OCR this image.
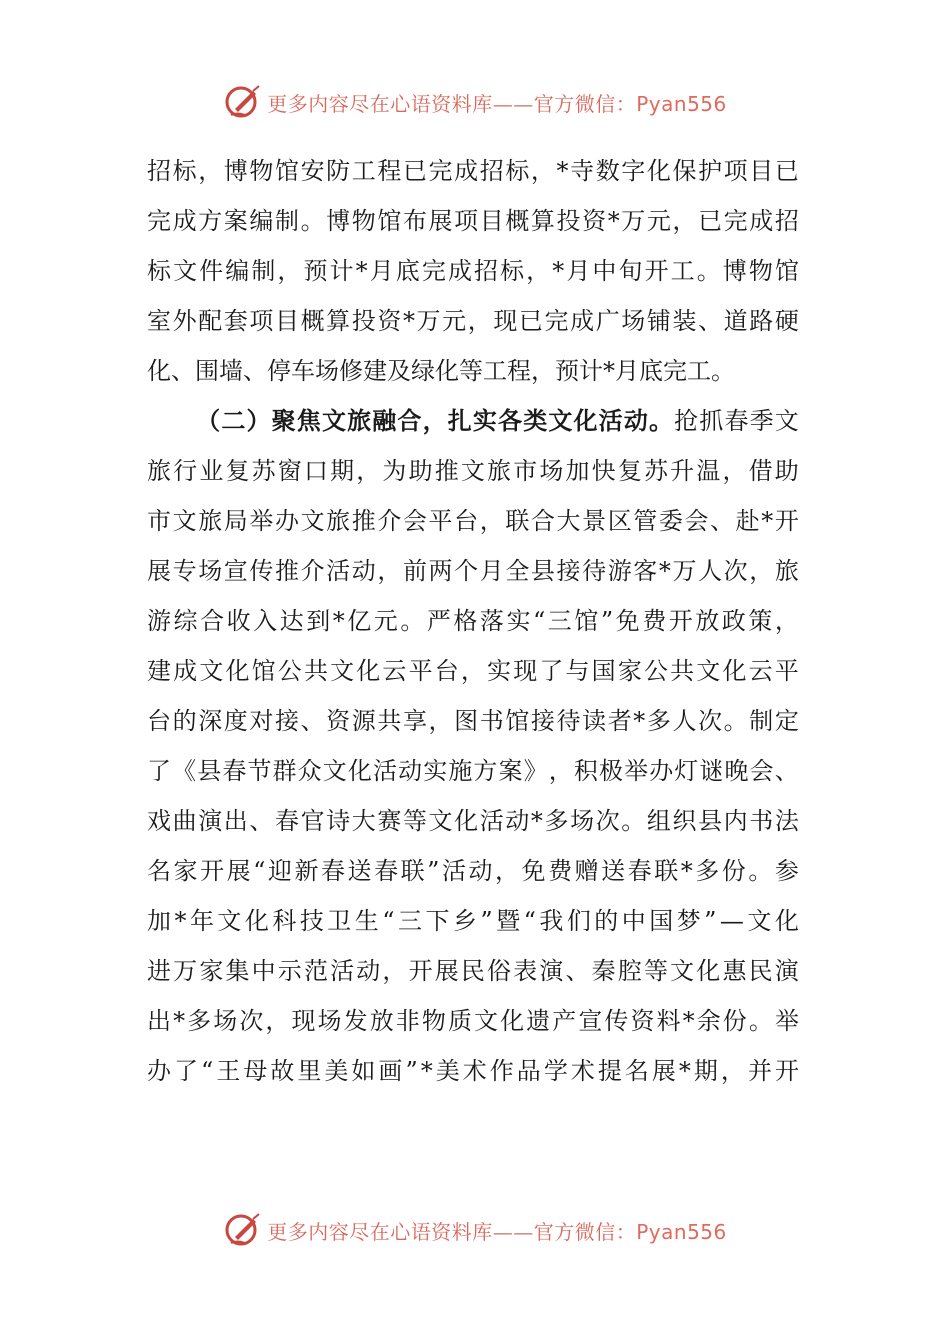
更多内容尽在心语资料库——官方微信：Pyan556
招 标 ， 博 物 馆 安 防 工 程 已 完 成 招 标 ， * 寺 数 字 化 保 护 项 目 已
完 成 方 案 编 制 。 博 物 馆 布 展 项 目 概 算 投 资 * 万 元 ， 已 完 成 招
标 文 件 编 制 ， 预 计 * 月 底 完 成 招 标 ， * 月 中 旬 开 工 。 博 物 馆
室 外 配 套 项 目 概 算 投 资 * 万 元 ， 现 已 完 成 广 场 铺 装 、 道 路 硬
化 、 围 墙 、 停 车 场 修 建 及 绿 化 等 工 程 ， 预 计 * 月 底 完 工 。
（ 二 ） 聚 焦 文 旅 融 合 ， 扎 实 各 类 文 化 活 动 。 抢 抓 春 季 文
旅 行 业 复 苏 窗 口 期 ， 为 助 推 文 旅 市 场 加 快 复 苏 升 温 ， 借 助
市 文 旅 局 举 办 文 旅 推 介 会 平 台 ， 联 合 大 景 区 管 委 会 、 赴 * 开
展 专 场 宣 传 推 介 活 动 ， 前 两 个 月 全 县 接 待 游 客 * 万 人 次 ， 旅
游 综 合 收 入 达 到 * 亿 元 。 严 格 落 实 “ 三 馆 ” 免 费 开 放 政 策 ，
建 成 文 化 馆 公 共 文 化 云 平 台 ， 实 现 了 与 国 家 公 共 文 化 云 平
台 的 深 度 对 接 、 资 源 共 享 ， 图 书 馆 接 待 读 者 * 多 人 次 。 制 定
了 《 县 春 节 群 众 文 化 活 动 实 施 方 案 》 ， 积 极 举 办 灯 谜 晚 会 、
戏 曲 演 出 、 春 官 诗 大 赛 等 文 化 活 动 * 多 场 次 。 组 织 县 内 书 法
名 家 开 展 “ 迎 新 春 送 春 联 ” 活 动 ， 免 费 赠 送 春 联 * 多 份 。 参
加 * 年 文 化 科 技 卫 生 “ 三 下 乡 ” 暨 “ 我 们 的 中 国 梦 ” — 文 化
进 万 家 集 中 示 范 活 动 ， 开 展 民 俗 表 演 、 秦 腔 等 文 化 惠 民 演
出 * 多 场 次 ， 现 场 发 放 非 物 质 文 化 遗 产 宣 传 资 料 * 余 份 。 举
办 了 “ 王 母 故 里 美 如 画 ” * 美 术 作 品 学 术 提 名 展 * 期 ， 并 开
更多内容尽在心语资料库——官方微信：Pyan556
